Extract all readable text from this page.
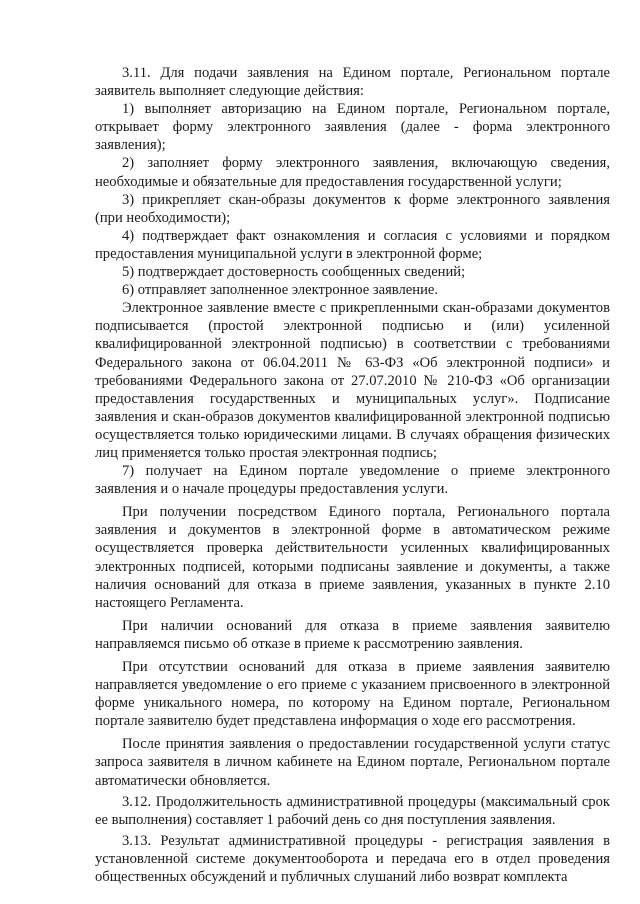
3.11. Для подачи заявления на Едином портале, Региональном портале заявитель выполняет следующие действия:

1) выполняет авторизацию на Едином портале, Региональном портале, открывает форму электронного заявления (далее - форма электронного заявления);

2) заполняет форму электронного заявления, включающую сведения, необходимые и обязательные для предоставления государственной услуги;

3) прикрепляет скан-образы документов к форме электронного заявления (при необходимости);

4) подтверждает факт ознакомления и согласия с условиями и порядком предоставления муниципальной услуги в электронной форме;

5) подтверждает достоверность сообщенных сведений;

6) отправляет заполненное электронное заявление.

Электронное заявление вместе с прикрепленными скан-образами документов подписывается (простой электронной подписью и (или) усиленной квалифицированной электронной подписью) в соответствии с требованиями Федерального закона от 06.04.2011 № 63-ФЗ «Об электронной подписи» и требованиями Федерального закона от 27.07.2010 № 210-ФЗ «Об организации предоставления государственных и муниципальных услуг». Подписание заявления и скан-образов документов квалифицированной электронной подписью осуществляется только юридическими лицами. В случаях обращения физических лиц применяется только простая электронная подпись;

7) получает на Едином портале уведомление о приеме электронного заявления и о начале процедуры предоставления услуги.

При получении посредством Единого портала, Регионального портала заявления и документов в электронной форме в автоматическом режиме осуществляется проверка действительности усиленных квалифицированных электронных подписей, которыми подписаны заявление и документы, а также наличия оснований для отказа в приеме заявления, указанных в пункте 2.10 настоящего Регламента.

При наличии оснований для отказа в приеме заявления заявителю направляемся письмо об отказе в приеме к рассмотрению заявления.

При отсутствии оснований для отказа в приеме заявления заявителю направляется уведомление о его приеме с указанием присвоенного в электронной форме уникального номера, по которому на Едином портале, Региональном портале заявителю будет представлена информация о ходе его рассмотрения.

После принятия заявления о предоставлении государственной услуги статус запроса заявителя в личном кабинете на Едином портале, Региональном портале автоматически обновляется.

3.12. Продолжительность административной процедуры (максимальный срок ее выполнения) составляет 1 рабочий день со дня поступления заявления.

3.13. Результат административной процедуры - регистрация заявления в установленной системе документооборота и передача его в отдел проведения общественных обсуждений и публичных слушаний либо возврат комплекта
